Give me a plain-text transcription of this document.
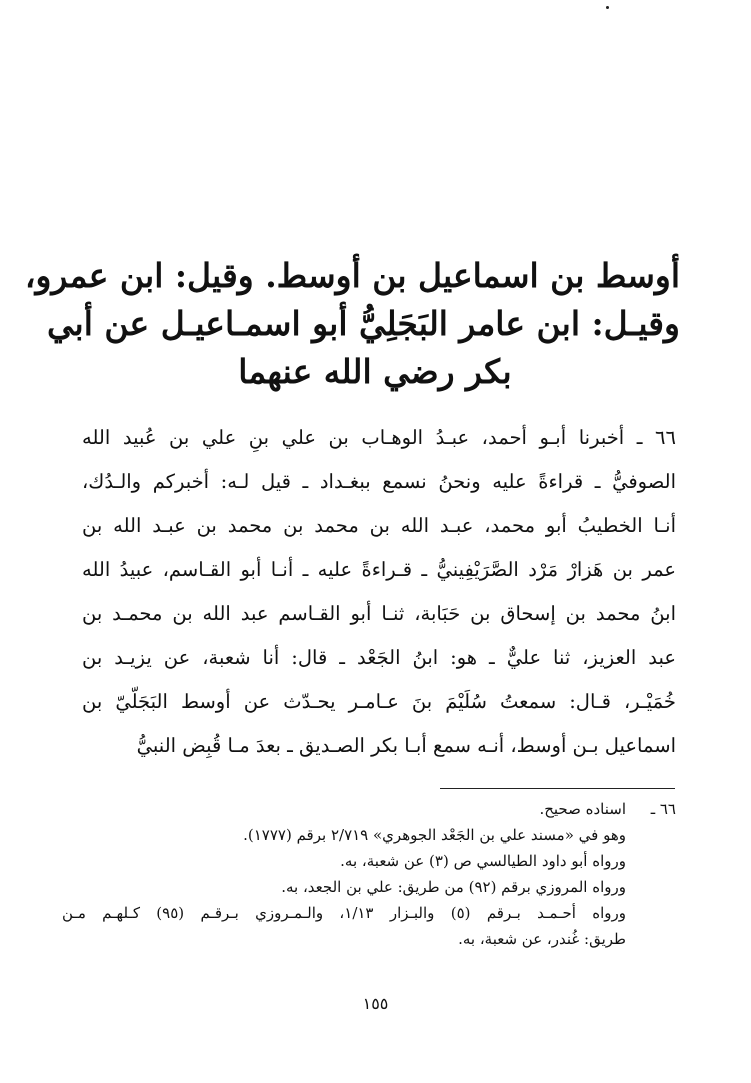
أوسط بن اسماعيل بن أوسط. وقيل: ابن عمرو،
وقيـل: ابن عامر البَجَلِيُّ أبو اسمـاعيـل عن أبي
بكر رضي الله عنهما
٦٦ ـ أخبرنا أبـو أحمد، عبـدُ الوهـاب بن علي بنِ علي بن عُبيد الله
الصوفيُّ ـ قراءةً عليه ونحنُ نسمع ببغـداد ـ قيل لـه: أخبركم والـدُك،
أنـا الخطيبُ أبو محمد، عبـد الله بن محمد بن محمد بن عبـد الله بن
عمر بن هَزارْ مَرْد الصَّرَيْفِينيُّ ـ قـراءةً عليه ـ أنـا أبو القـاسم، عبيدُ الله
ابنُ محمد بن إسحاق بن حَبَابة، ثنـا أبو القـاسم عبد الله بن محمـد بن
عبد العزيز، ثنا عليٌّ ـ هو: ابنُ الجَعْد ـ قال: أنا شعبة، عن يزيـد بن
خُمَيْـر، قـال: سمعتُ سُلَيْمَ بنَ عـامـر يحـدّث عن أوسط البَجَلّيّ بن
اسماعيل بـن أوسط، أنـه سمع أبـا بكر الصـديق ـ بعدَ مـا قُبِض النبيُّ
٦٦ ـ
اسناده صحيح.
وهو في «مسند علي بن الجَعْد الجوهري» ٢/٧١٩ برقم (١٧٧٧).
ورواه أبو داود الطيالسي ص (٣) عن شعبة، به.
ورواه المروزي برقم (٩٢) من طريق: علي بن الجعد، به.
ورواه أحـمـد بـرقم (٥) والبـزار ١/١٣، والـمـروزي بـرقـم (٩٥) كـلهـم مـن
طريق: غُندر، عن شعبة، به.
١٥٥
